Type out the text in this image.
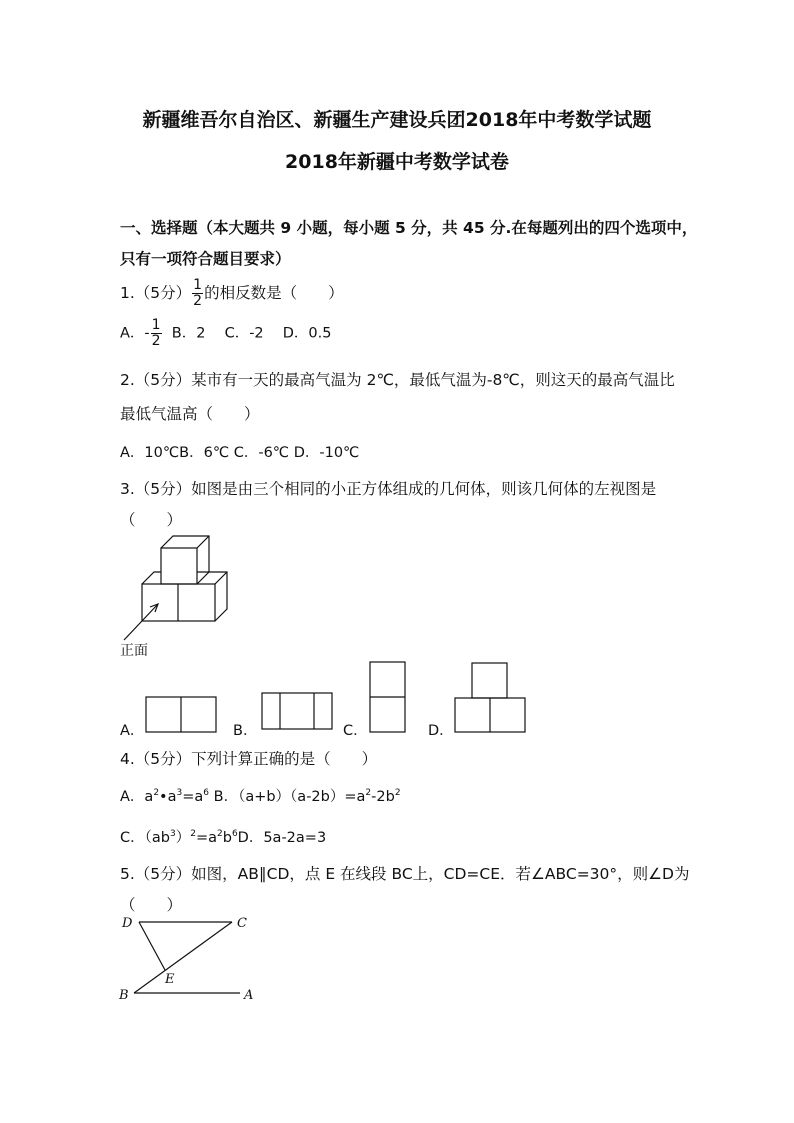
新疆维吾尔自治区、新疆生产建设兵团2018年中考数学试题
2018年新疆中考数学试卷
一、选择题（本大题共 9 小题，每小题 5 分，共 45 分.在每题列出的四个选项中，
只有一项符合题目要求）
1.（5分） $\frac{1}{2}$ 的相反数是（　　）
A．- $\frac{1}{2}$ B．2　 C．-2　 D．0.5
2.（5分）某市有一天的最高气温为 2℃，最低气温为-8℃，则这天的最高气温比
最低气温高（　　）
A．10℃B．6℃ C．-6℃ D．-10℃
3.（5分）如图是由三个相同的小正方体组成的几何体，则该几何体的左视图是
（　　）
正面
A．	B．	C．	D．
4.（5分）下列计算正确的是（　　）
A．$a^2•a^3=a^6$ B．$(a+b)(a-2b)=a^2-2b^2$
C．$(ab^3)^2=a^2b^6D$．5a-2a=3
5.（5分）如图，AB∥CD，点 E 在线段 BC上，CD=CE．若∠ABC=30°，则∠D为
（　　）
D	C
E
B	A
